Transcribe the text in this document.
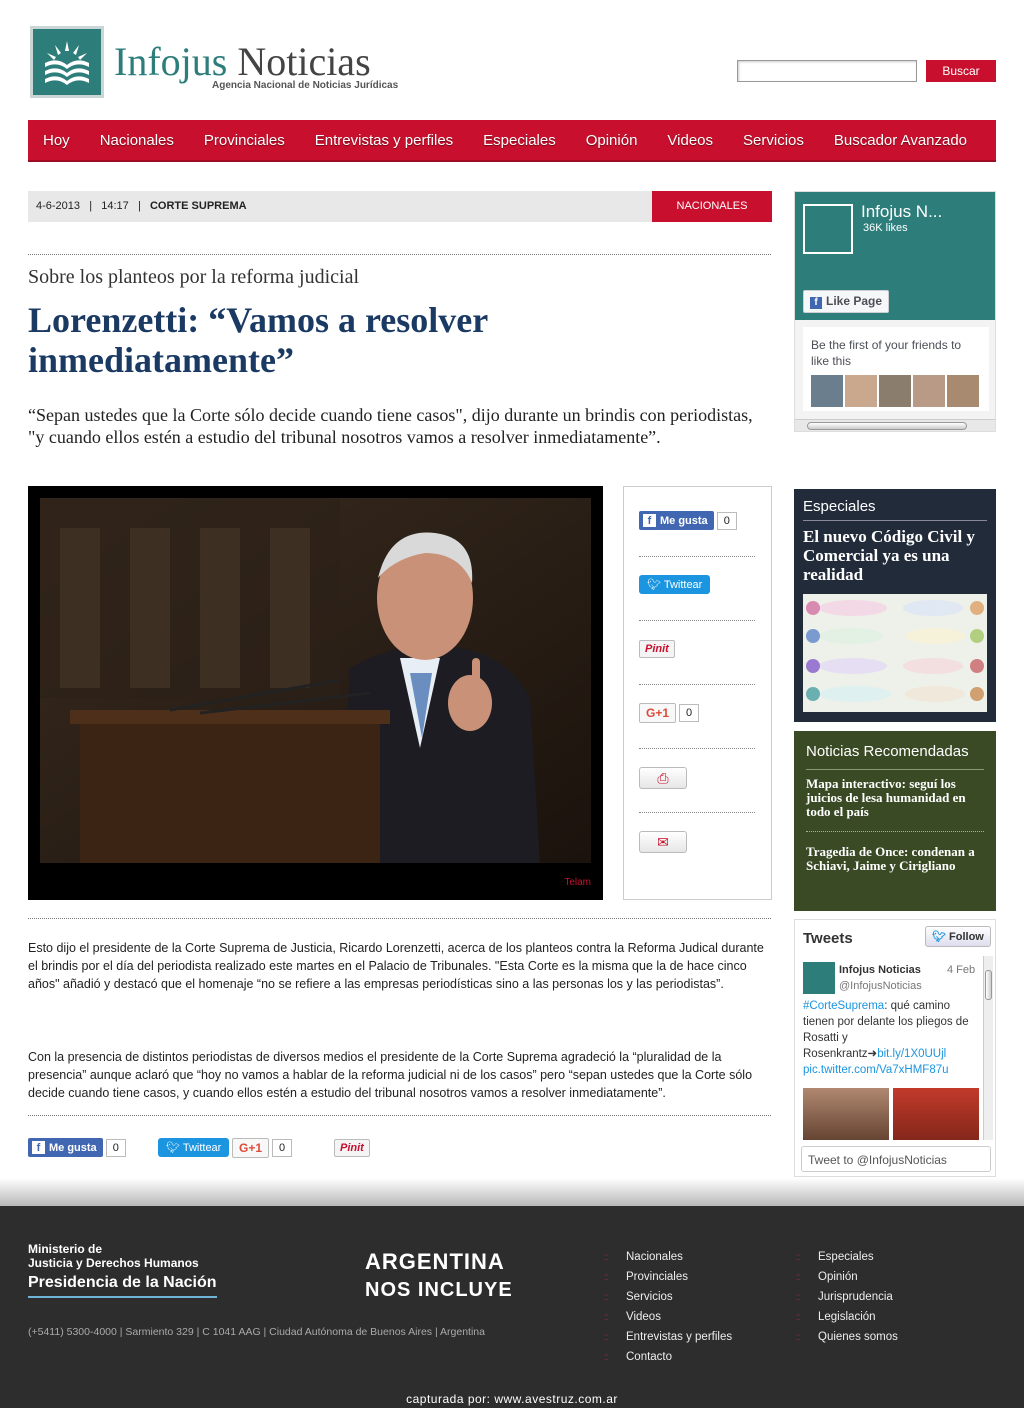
Infojus Noticias
Agencia Nacional de Noticias Jurídicas
Buscar
Hoy Nacionales Provinciales Entrevistas y perfiles Especiales Opinión Videos Servicios Buscador Avanzado
4-6-2013   |   14:17   |   CORTE SUPREMA	NACIONALES
Sobre los planteos por la reforma judicial
Lorenzetti: “Vamos a resolver inmediatamente”

“Sepan ustedes que la Corte sólo decide cuando tiene casos", dijo durante un brindis con periodistas, "y cuando ellos estén a estudio del tribunal nosotros vamos a resolver inmediatamente”.

Telam
f Me gusta 0
🐦︎ Twittear
Pinit
G+1 0
⎙
✉

Esto dijo el presidente de la Corte Suprema de Justicia, Ricardo Lorenzetti, acerca de los planteos contra la Reforma Judical durante el brindis por el día del periodista realizado este martes en el Palacio de Tribunales. "Esta Corte es la misma que la de hace cinco años" añadió y destacó que el homenaje “no se refiere a las empresas periodísticas sino a las personas los y las periodistas”.

Con la presencia de distintos periodistas de diversos medios el presidente de la Corte Suprema agradeció la “pluralidad de la presencia” aunque aclaró que “hoy no vamos a hablar de la reforma judicial ni de los casos” pero “sepan ustedes que la Corte sólo decide cuando tiene casos, y cuando ellos estén a estudio del tribunal nosotros vamos a resolver inmediatamente”.

f Me gusta 0	🐦︎ Twittear	G+1 0	Pinit
Infojus N...
36K likes
f Like Page
Be the first of your friends to like this
Especiales
El nuevo Código Civil y Comercial ya es una realidad
Noticias Recomendadas
Mapa interactivo: seguí los juicios de lesa humanidad en todo el país
Tragedia de Once: condenan a Schiavi, Jaime y Cirigliano
Tweets	🐦︎ Follow
Infojus Noticias
@InfojusNoticias
4 Feb
#CorteSuprema: qué camino tienen por delante los pliegos de Rosatti y Rosenkrantz➜bit.ly/1X0UUjl pic.twitter.com/Va7xHMF87u
Tweet to @InfojusNoticias
Ministerio de
Justicia y Derechos Humanos
Presidencia de la Nación
(+5411) 5300-4000 | Sarmiento 329 | C 1041 AAG | Ciudad Autónoma de Buenos Aires | Argentina
ARGENTINA
NOS INCLUYE
:: Nacionales
:: Provinciales
:: Servicios
:: Videos
:: Entrevistas y perfiles
:: Contacto
:: Especiales
:: Opinión
:: Jurisprudencia
:: Legislación
:: Quienes somos
capturada por: www.avestruz.com.ar
